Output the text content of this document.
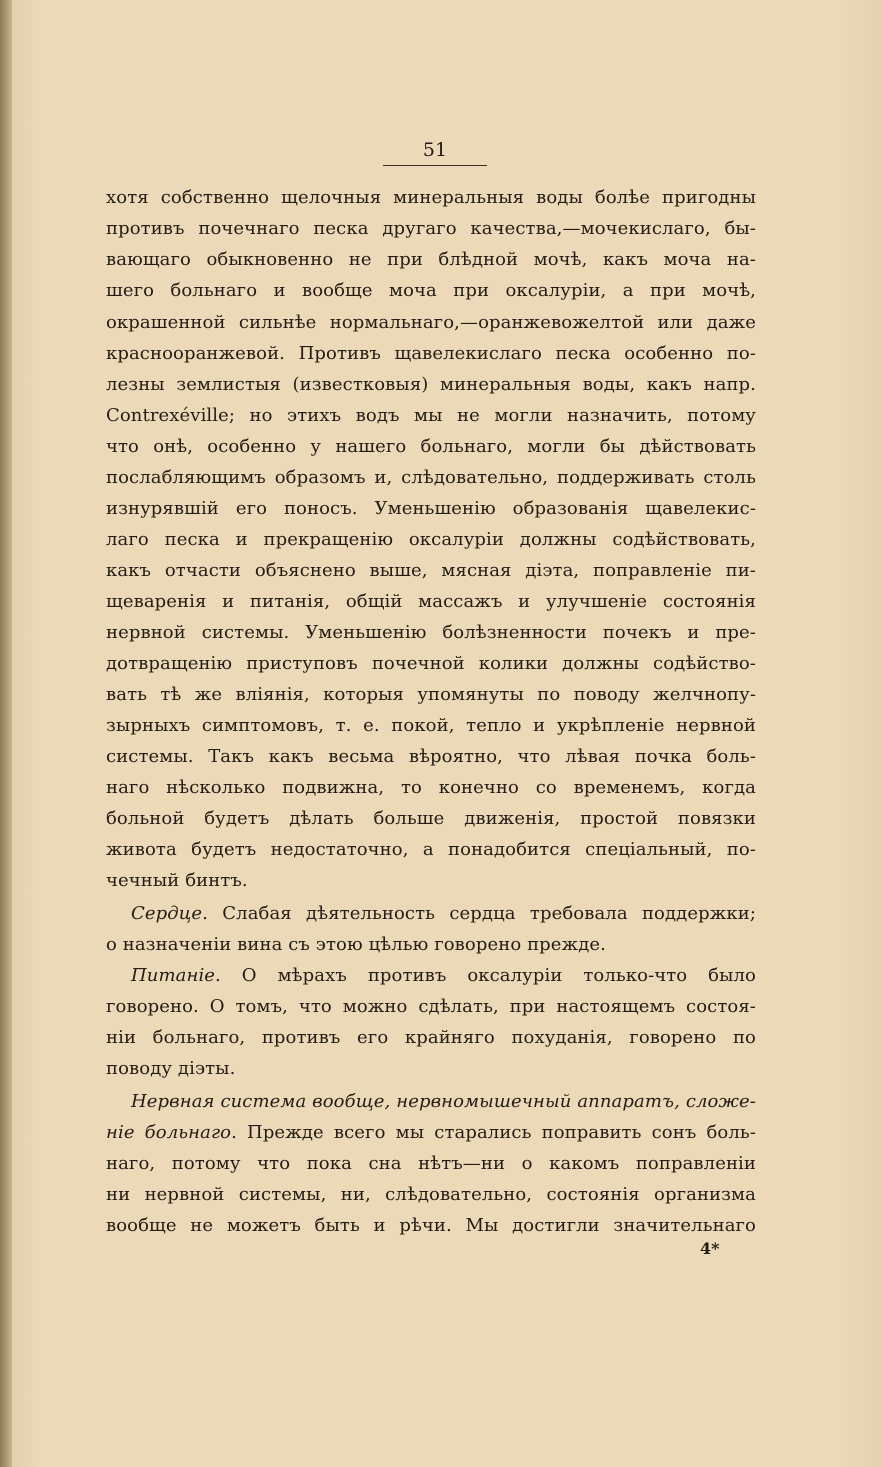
51
хотя собственно щелочныя минеральныя воды болѣе пригодны
противъ почечнаго песка другаго качества,—мочекислаго, бы-
вающаго обыкновенно не при блѣдной мочѣ, какъ моча на-
шего больнаго и вообще моча при оксалуріи, а при мочѣ,
окрашенной сильнѣе нормальнаго,—оранжевожелтой или даже
краснооранжевой. Противъ щавелекислаго песка особенно по-
лезны землистыя (известковыя) минеральныя воды, какъ напр.
Contrexéville; но этихъ водъ мы не могли назначить, потому
что онѣ, особенно у нашего больнаго, могли бы дѣйствовать
послабляющимъ образомъ и, слѣдовательно, поддерживать столь
изнурявшій его поносъ. Уменьшенію образованія щавелекис-
лаго песка и прекращенію оксалуріи должны содѣйствовать,
какъ отчасти объяснено выше, мясная діэта, поправленіе пи-
щеваренія и питанія, общій массажъ и улучшеніе состоянія
нервной системы. Уменьшенію болѣзненности почекъ и пре-
дотвращенію приступовъ почечной колики должны содѣйство-
вать тѣ же вліянія, которыя упомянуты по поводу желчнопу-
зырныхъ симптомовъ, т. е. покой, тепло и укрѣпленіе нервной
системы. Такъ какъ весьма вѣроятно, что лѣвая почка боль-
наго нѣсколько подвижна, то конечно со временемъ, когда
больной будетъ дѣлать больше движенія, простой повязки
живота будетъ недостаточно, а понадобится спеціальный, по-
чечный бинтъ.
Сердце. Слабая дѣятельность сердца требовала поддержки;
о назначеніи вина съ этою цѣлью говорено прежде.
Питаніе. О мѣрахъ противъ оксалуріи только-что было
говорено. О томъ, что можно сдѣлать, при настоящемъ состоя-
ніи больнаго, противъ его крайняго похуданія, говорено по
поводу діэты.
Нервная система вообще, нервномышечный аппаратъ, сложе-
ніе больнаго. Прежде всего мы старались поправить сонъ боль-
наго, потому что пока сна нѣтъ—ни о какомъ поправленіи
ни нервной системы, ни, слѣдовательно, состоянія организма
вообще не можетъ быть и рѣчи. Мы достигли значительнаго
4*
